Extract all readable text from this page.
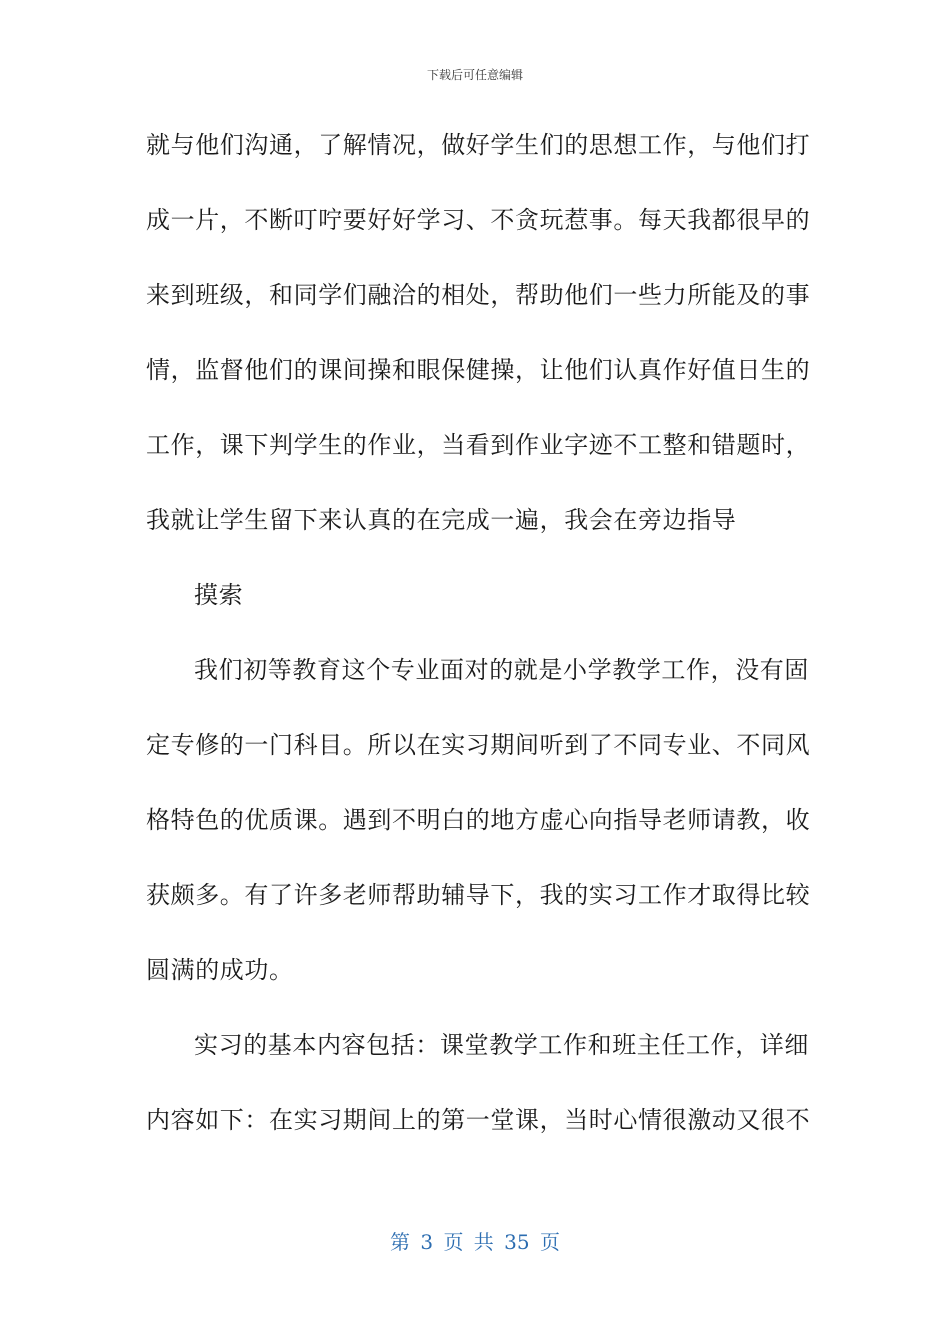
下载后可任意编辑
就与他们沟通，了解情况，做好学生们的思想工作，与他们打
成一片，不断叮咛要好好学习、不贪玩惹事。每天我都很早的
来到班级，和同学们融洽的相处，帮助他们一些力所能及的事
情，监督他们的课间操和眼保健操，让他们认真作好值日生的
工作，课下判学生的作业，当看到作业字迹不工整和错题时，
我就让学生留下来认真的在完成一遍，我会在旁边指导
摸索
我们初等教育这个专业面对的就是小学教学工作，没有固
定专修的一门科目。所以在实习期间听到了不同专业、不同风
格特色的优质课。遇到不明白的地方虚心向指导老师请教，收
获颇多。有了许多老师帮助辅导下，我的实习工作才取得比较
圆满的成功。
实习的基本内容包括：课堂教学工作和班主任工作，详细
内容如下：在实习期间上的第一堂课，当时心情很激动又很不
第 3 页 共 35 页
